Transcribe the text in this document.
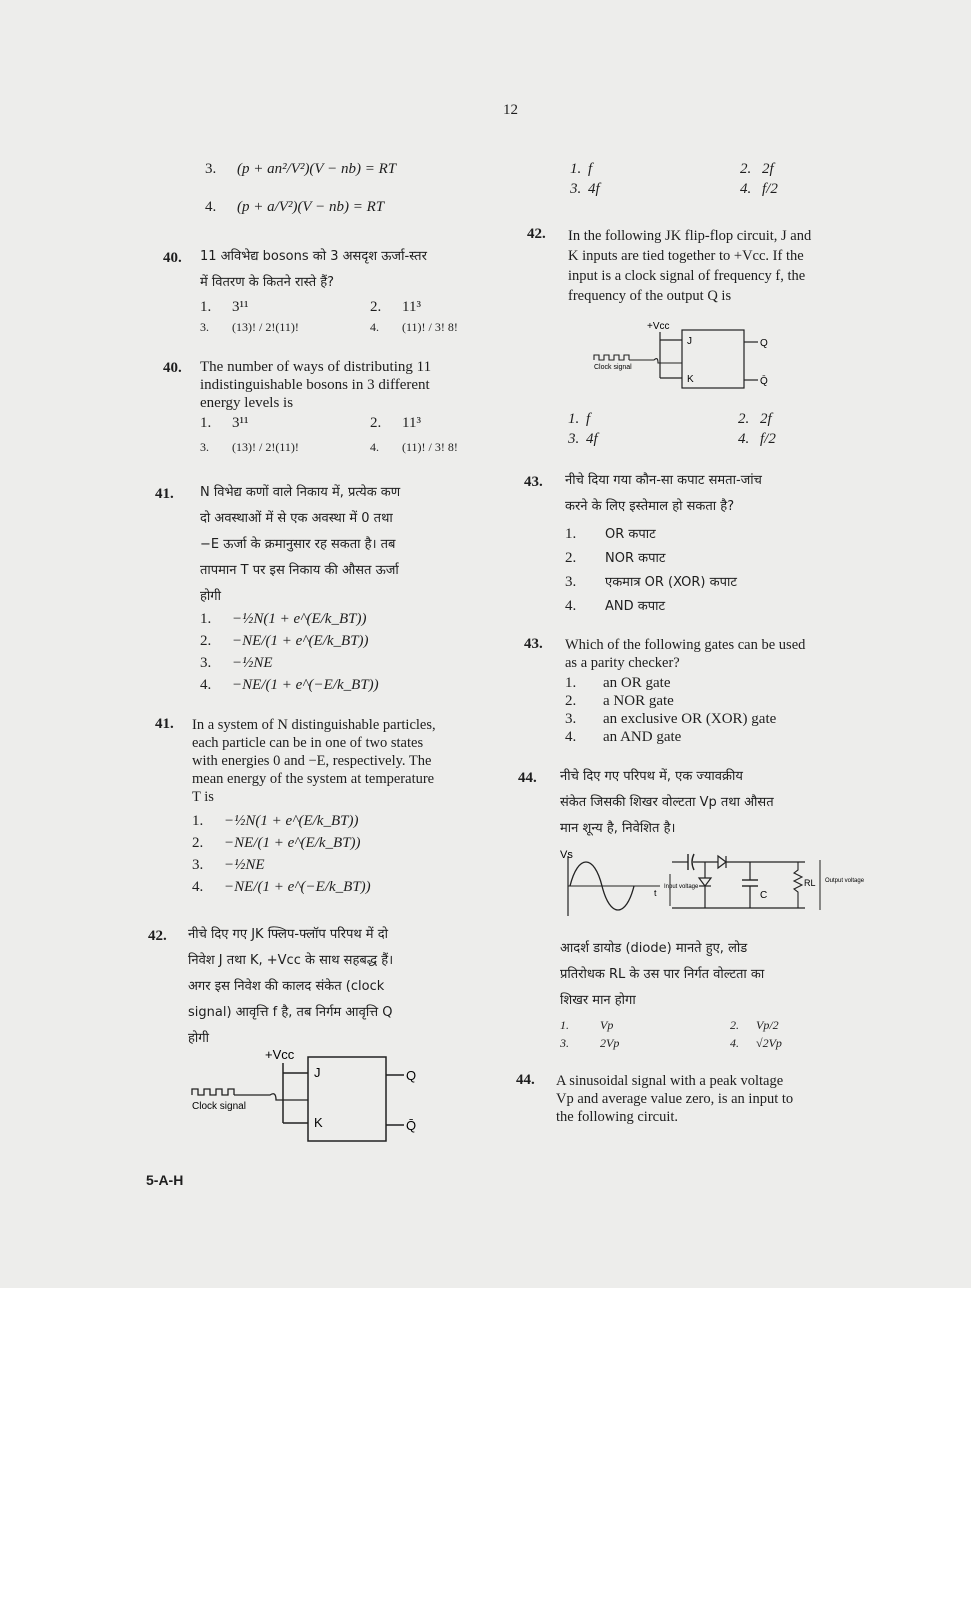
12
3. (p + an²/V²)(V − nb) = RT
4. (p + a/V²)(V − nb) = RT
40. 11 अविभेद्य bosons को 3 असदृश ऊर्जा-स्तर
में वितरण के कितने रास्ते हैं?
1. 3¹¹	2. 11³
3. (13)! / 2!(11)!	4. (11)! / 3! 8!
40. The number of ways of distributing 11
indistinguishable bosons in 3 different
energy levels is
1. 3¹¹	2. 11³
3. (13)! / 2!(11)!	4. (11)! / 3! 8!
41. N विभेद्य कणों वाले निकाय में, प्रत्येक कण
दो अवस्थाओं में से एक अवस्था में 0 तथा
−E ऊर्जा के क्रमानुसार रह सकता है। तब
तापमान T पर इस निकाय की औसत ऊर्जा
होगी
1. −½N(1 + e^(E/k_BT))
2. −NE/(1 + e^(E/k_BT))
3. −½NE
4. −NE/(1 + e^(−E/k_BT))
41. In a system of N distinguishable particles,
each particle can be in one of two states
with energies 0 and −E, respectively. The
mean energy of the system at temperature
T is
1. −½N(1 + e^(E/k_BT))
2. −NE/(1 + e^(E/k_BT))
3. −½NE
4. −NE/(1 + e^(−E/k_BT))
42. नीचे दिए गए JK फ्लिप-फ्लॉप परिपथ में दो
निवेश J तथा K, +Vcc के साथ सहबद्ध हैं।
अगर इस निवेश की कालद संकेत (clock
signal) आवृत्ति f है, तब निर्गम आवृत्ति Q
होगी
+Vcc
J
K
Q
Q̄
Clock signal
1. f	2. 2f
3. 4f	4. f/2
42. In the following JK flip-flop circuit, J and
K inputs are tied together to +Vcc. If the
input is a clock signal of frequency f, the
frequency of the output Q is
+Vcc
J
K
Q
Q̄
Clock signal
1. f	2. 2f
3. 4f	4. f/2
43. नीचे दिया गया कौन-सा कपाट समता-जांच
करने के लिए इस्तेमाल हो सकता है?
1. OR कपाट
2. NOR कपाट
3. एकमात्र OR (XOR) कपाट
4. AND कपाट
43. Which of the following gates can be used
as a parity checker?
1. an OR gate
2. a NOR gate
3. an exclusive OR (XOR) gate
4. an AND gate
44. नीचे दिए गए परिपथ में, एक ज्यावक्रीय
संकेत जिसकी शिखर वोल्टता Vp तथा औसत
मान शून्य है, निवेशित है।
Vs
t
Input voltage
C
RL Output voltage
आदर्श डायोड (diode) मानते हुए, लोड
प्रतिरोधक RL के उस पार निर्गत वोल्टता का
शिखर मान होगा
1.	Vp	2. Vp/2
3.	2Vp	4. √2Vp
44. A sinusoidal signal with a peak voltage
Vp and average value zero, is an input to
the following circuit.
5-A-H
